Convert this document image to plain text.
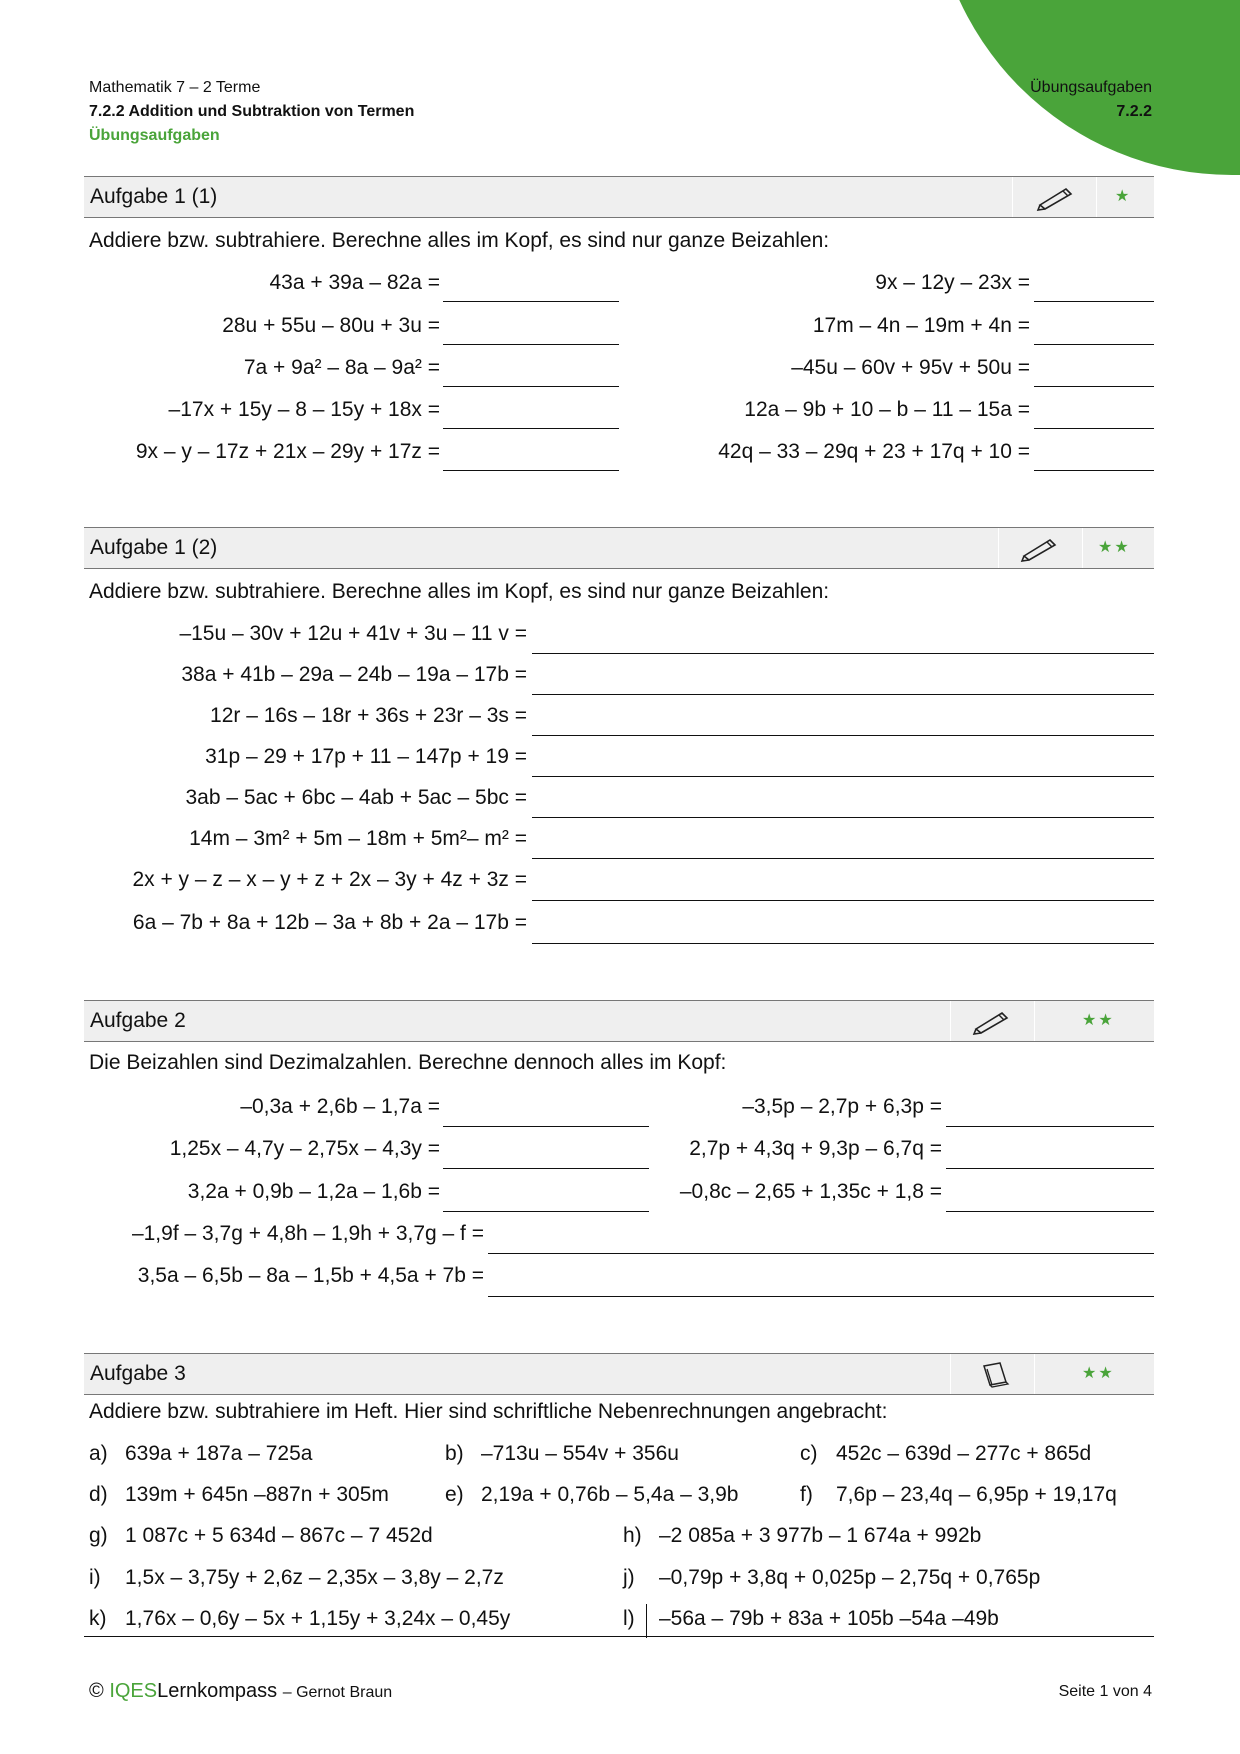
Mathematik 7 – 2 Terme
7.2.2 Addition und Subtraktion von Termen
Übungsaufgaben
Übungsaufgaben
7.2.2
Aufgabe 1 (1)	★
Aufgabe 1 (2)	★★
Aufgabe 2	★★
Aufgabe 3	★★
Addiere bzw. subtrahiere. Berechne alles im Kopf, es sind nur ganze Beizahlen:
Addiere bzw. subtrahiere. Berechne alles im Kopf, es sind nur ganze Beizahlen:
Die Beizahlen sind Dezimalzahlen. Berechne dennoch alles im Kopf:
Addiere bzw. subtrahiere im Heft. Hier sind schriftliche Nebenrechnungen angebracht:
43a + 39a – 82a =
28u + 55u – 80u + 3u =
7a + 9a² – 8a – 9a² =
–17x + 15y – 8 – 15y + 18x =
9x – y – 17z + 21x – 29y + 17z =
9x – 12y – 23x =
17m – 4n – 19m + 4n =
–45u – 60v + 95v + 50u =
12a – 9b + 10 – b – 11 – 15a =
42q – 33 – 29q + 23 + 17q + 10 =
–15u – 30v + 12u + 41v + 3u – 11 v =
38a + 41b – 29a – 24b – 19a – 17b =
12r – 16s – 18r + 36s + 23r – 3s =
31p – 29 + 17p + 11 – 147p + 19 =
3ab – 5ac + 6bc – 4ab + 5ac – 5bc =
14m – 3m² + 5m – 18m + 5m²– m² =
2x + y – z – x – y + z + 2x – 3y + 4z + 3z =
6a – 7b + 8a + 12b – 3a + 8b + 2a – 17b =
–0,3a + 2,6b – 1,7a =
1,25x – 4,7y – 2,75x – 4,3y =
3,2a + 0,9b – 1,2a – 1,6b =
–3,5p – 2,7p + 6,3p =
2,7p + 4,3q + 9,3p – 6,7q =
–0,8c – 2,65 + 1,35c + 1,8 =
–1,9f – 3,7g + 4,8h – 1,9h + 3,7g – f =
3,5a – 6,5b – 8a – 1,5b + 4,5a + 7b =
a) 639a + 187a – 725a	b) –713u – 554v + 356u	c) 452c – 639d – 277c + 865d
d) 139m + 645n –887n + 305m	e) 2,19a + 0,76b – 5,4a – 3,9b	f) 7,6p – 23,4q – 6,95p + 19,17q
g) 1 087c + 5 634d – 867c – 7 452d	h) –2 085a + 3 977b – 1 674a + 992b
i) 1,5x – 3,75y + 2,6z – 2,35x – 3,8y – 2,7z	j) –0,79p + 3,8q + 0,025p – 2,75q + 0,765p
k) 1,76x – 0,6y – 5x + 1,15y + 3,24x – 0,45y	l) –56a – 79b + 83a + 105b –54a –49b
© IQESLernkompass – Gernot Braun	Seite 1 von 4
